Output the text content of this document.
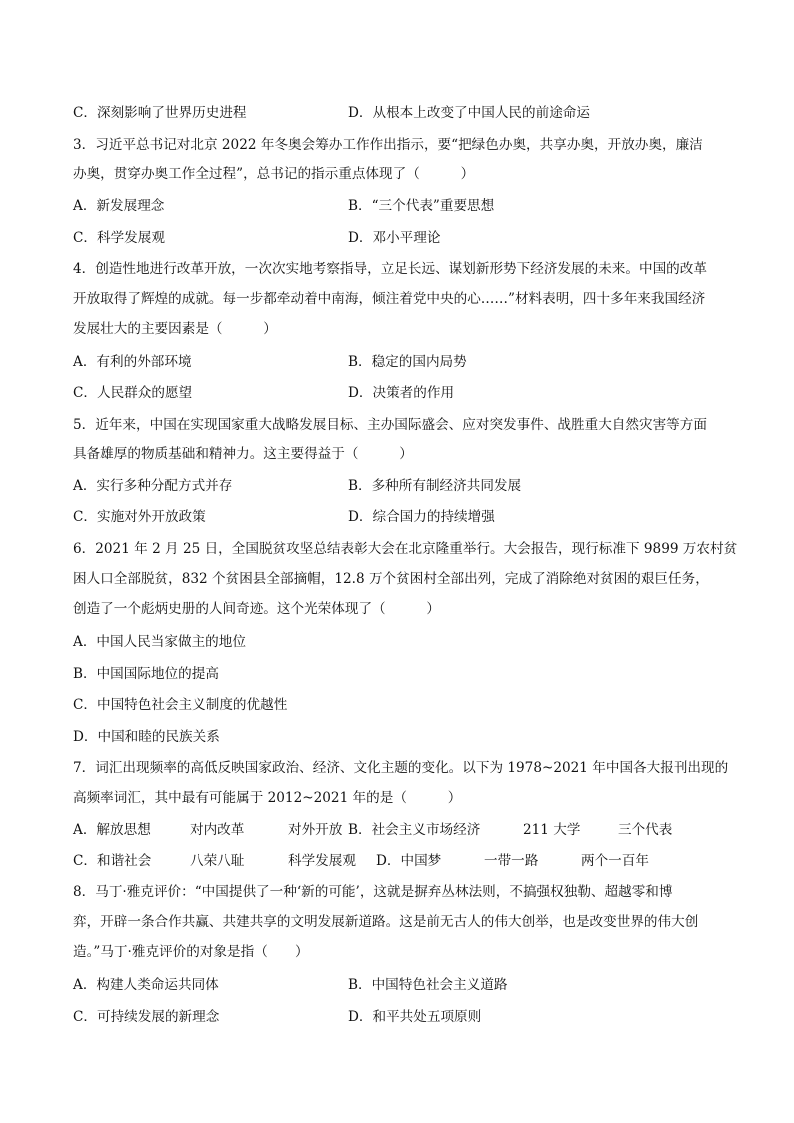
C．深刻影响了世界历史进程	D．从根本上改变了中国人民的前途命运
3．习近平总书记对北京 2022 年冬奥会筹办工作作出指示，要“把绿色办奥，共享办奥，开放办奥，廉洁
办奥，贯穿办奥工作全过程”，总书记的指示重点体现了（　　　）
A．新发展理念	B．“三个代表”重要思想
C．科学发展观	D．邓小平理论
4．创造性地进行改革开放，一次次实地考察指导，立足长远、谋划新形势下经济发展的未来。中国的改革
开放取得了辉煌的成就。每一步都牵动着中南海，倾注着党中央的心……”材料表明，四十多年来我国经济
发展壮大的主要因素是（　　　）
A．有利的外部环境	B．稳定的国内局势
C．人民群众的愿望	D．决策者的作用
5．近年来，中国在实现国家重大战略发展目标、主办国际盛会、应对突发事件、战胜重大自然灾害等方面
具备雄厚的物质基础和精神力。这主要得益于（　　　）
A．实行多种分配方式并存	B．多种所有制经济共同发展
C．实施对外开放政策	D．综合国力的持续增强
6．2021 年 2 月 25 日，全国脱贫攻坚总结表彰大会在北京隆重举行。大会报告，现行标准下 9899 万农村贫
困人口全部脱贫，832 个贫困县全部摘帽，12.8 万个贫困村全部出列，完成了消除绝对贫困的艰巨任务，
创造了一个彪炳史册的人间奇迹。这个光荣体现了（　　　）
A．中国人民当家做主的地位
B．中国国际地位的提高
C．中国特色社会主义制度的优越性
D．中国和睦的民族关系
7．词汇出现频率的高低反映国家政治、经济、文化主题的变化。以下为 1978~2021 年中国各大报刊出现的
高频率词汇，其中最有可能属于 2012~2021 年的是（　　　）
A．解放思想	对内改革	对外开放 B．社会主义市场经济	211 大学	三个代表
C．和谐社会	八荣八耻	科学发展观 D．中国梦	一带一路	两个一百年
8．马丁·雅克评价：“中国提供了一种‘新的可能’，这就是摒弃丛林法则，不搞强权独勒、超越零和博
弈，开辟一条合作共赢、共建共享的文明发展新道路。这是前无古人的伟大创举，也是改变世界的伟大创
造。”马丁·雅克评价的对象是指（　　）
A．构建人类命运共同体	B．中国特色社会主义道路
C．可持续发展的新理念	D．和平共处五项原则
